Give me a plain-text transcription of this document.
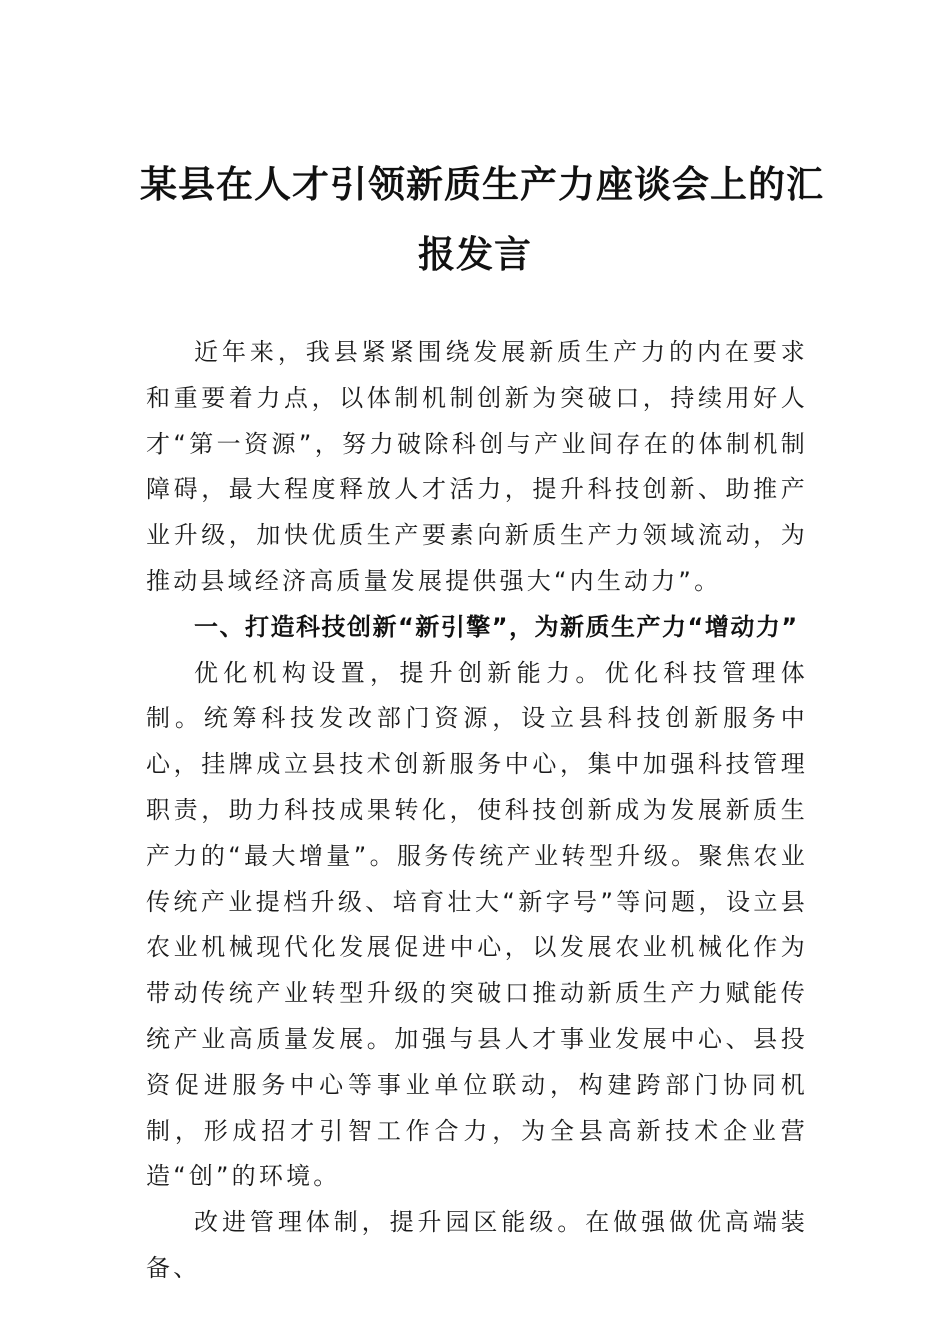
某县在人才引领新质生产力座谈会上的汇
报发言

近年来，我县紧紧围绕发展新质生产力的内在要求和重要着力点，以体制机制创新为突破口，持续用好人才“第一资源”，努力破除科创与产业间存在的体制机制障碍，最大程度释放人才活力，提升科技创新、助推产业升级，加快优质生产要素向新质生产力领域流动，为推动县域经济高质量发展提供强大“内生动力”。

一、打造科技创新“新引擎”，为新质生产力“增动力”

优化机构设置，提升创新能力。优化科技管理体制。统筹科技发改部门资源，设立县科技创新服务中心，挂牌成立县技术创新服务中心，集中加强科技管理职责，助力科技成果转化，使科技创新成为发展新质生产力的“最大增量”。服务传统产业转型升级。聚焦农业传统产业提档升级、培育壮大“新字号”等问题，设立县农业机械现代化发展促进中心，以发展农业机械化作为带动传统产业转型升级的突破口推动新质生产力赋能传统产业高质量发展。加强与县人才事业发展中心、县投资促进服务中心等事业单位联动，构建跨部门协同机制，形成招才引智工作合力，为全县高新技术企业营造“创”的环境。

改进管理体制，提升园区能级。在做强做优高端装备、
